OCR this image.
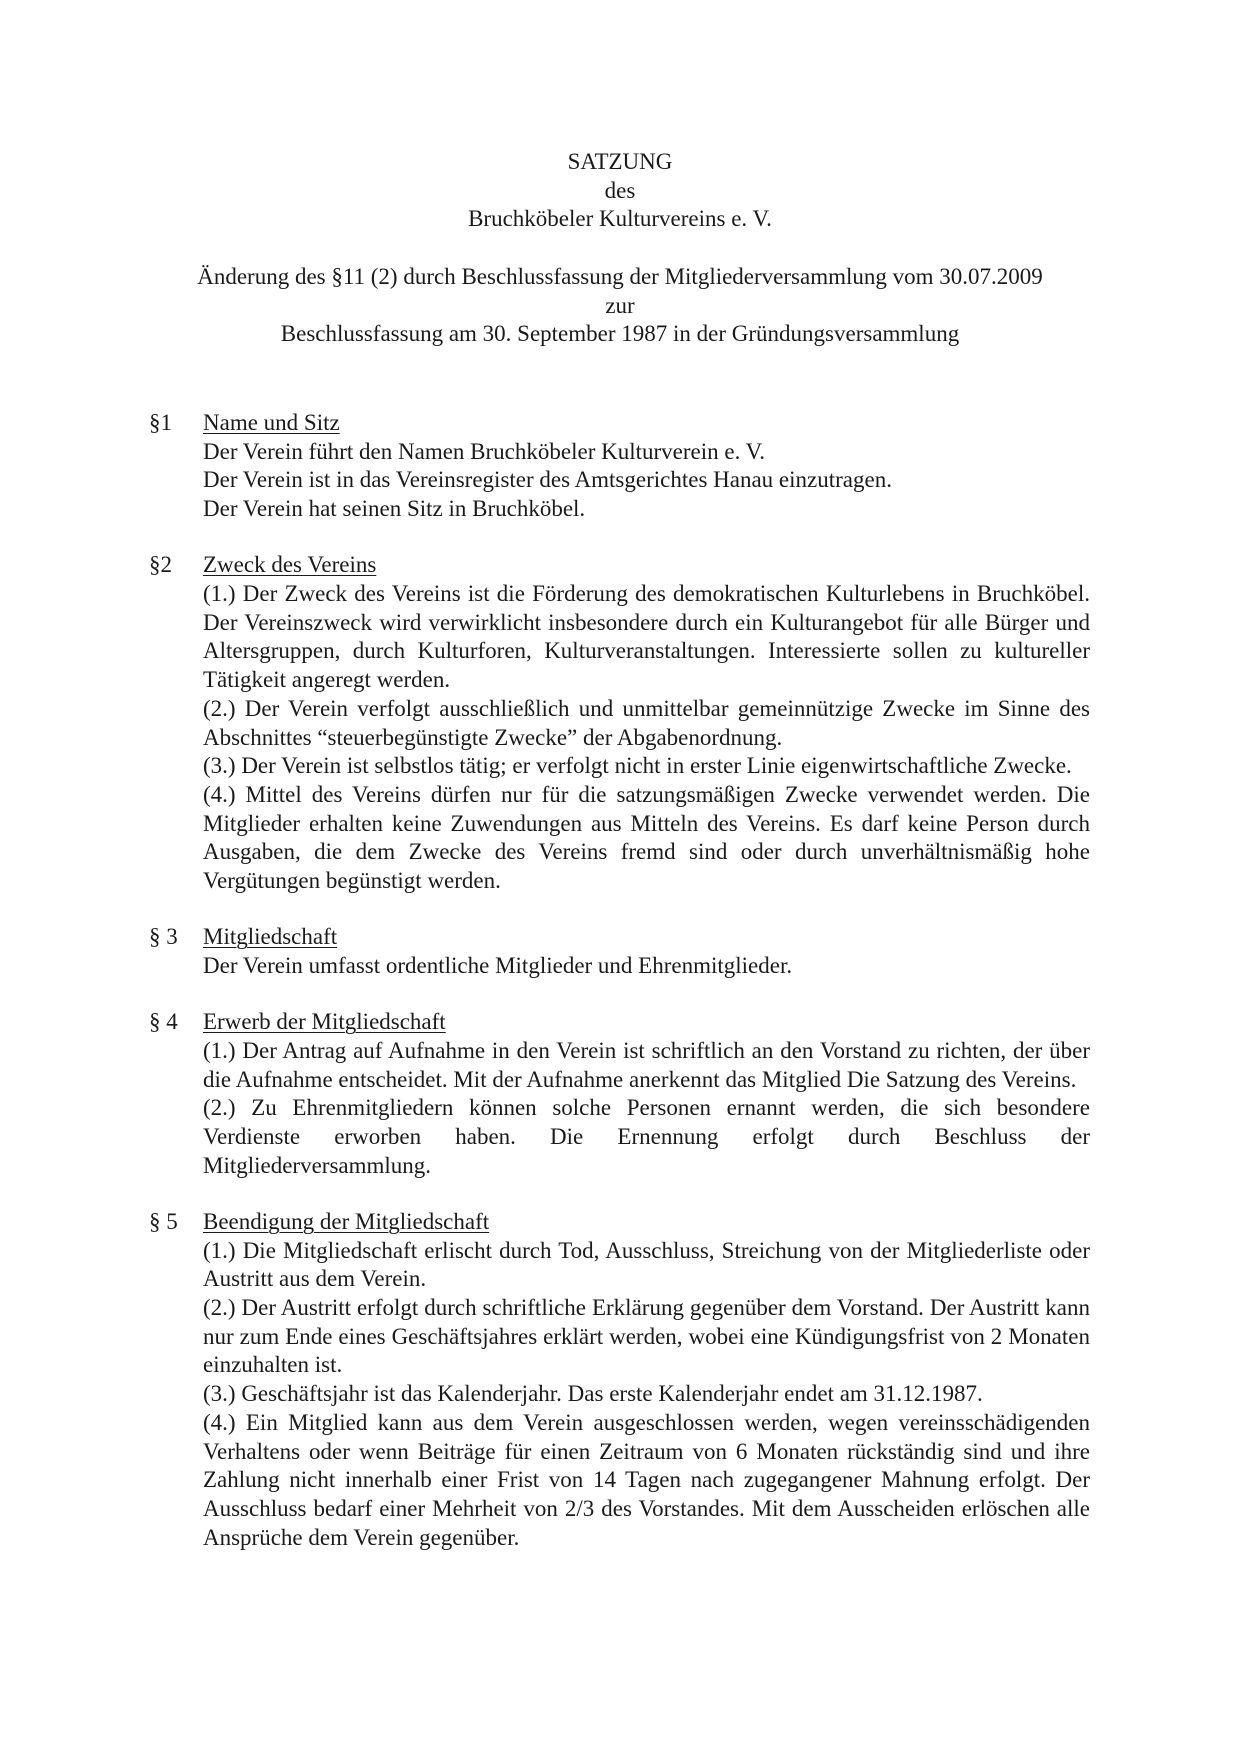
SATZUNG
des
Bruchköbeler Kulturvereins e. V.
Änderung des §11 (2) durch Beschlussfassung der Mitgliederversammlung vom 30.07.2009
zur
Beschlussfassung am 30. September 1987 in der Gründungsversammlung
§1	Name und Sitz

Der Verein führt den Namen Bruchköbeler Kulturverein e. V.

Der Verein ist in das Vereinsregister des Amtsgerichtes Hanau einzutragen.

Der Verein hat seinen Sitz in Bruchköbel.

§2	Zweck des Vereins

(1.) Der Zweck des Vereins ist die Förderung des demokratischen Kulturlebens in Bruchköbel. Der Vereinszweck wird verwirklicht insbesondere durch ein Kulturangebot für alle Bürger und Altersgruppen, durch Kulturforen, Kulturveranstaltungen. Interessierte sollen zu kultureller Tätigkeit angeregt werden.

(2.) Der Verein verfolgt ausschließlich und unmittelbar gemeinnützige Zwecke im Sinne des Abschnittes “steuerbegünstigte Zwecke” der Abgabenordnung.

(3.) Der Verein ist selbstlos tätig; er verfolgt nicht in erster Linie eigenwirtschaftliche Zwecke.

(4.) Mittel des Vereins dürfen nur für die satzungsmäßigen Zwecke verwendet werden. Die Mitglieder erhalten keine Zuwendungen aus Mitteln des Vereins. Es darf keine Person durch Ausgaben, die dem Zwecke des Vereins fremd sind oder durch unverhältnismäßig hohe Vergütungen begünstigt werden.

§ 3	Mitgliedschaft

Der Verein umfasst ordentliche Mitglieder und Ehrenmitglieder.

§ 4	Erwerb der Mitgliedschaft

(1.) Der Antrag auf Aufnahme in den Verein ist schriftlich an den Vorstand zu richten, der über die Aufnahme entscheidet. Mit der Aufnahme anerkennt das Mitglied Die Satzung des Vereins.

(2.) Zu Ehrenmitgliedern können solche Personen ernannt werden, die sich besondere Verdienste erworben haben. Die Ernennung erfolgt durch Beschluss der Mitgliederversammlung.

§ 5	Beendigung der Mitgliedschaft

(1.) Die Mitgliedschaft erlischt durch Tod, Ausschluss, Streichung von der Mitgliederliste oder Austritt aus dem Verein.

(2.) Der Austritt erfolgt durch schriftliche Erklärung gegenüber dem Vorstand. Der Austritt kann nur zum Ende eines Geschäftsjahres erklärt werden, wobei eine Kündigungsfrist von 2 Monaten einzuhalten ist.

(3.) Geschäftsjahr ist das Kalenderjahr. Das erste Kalenderjahr endet am 31.12.1987.

(4.) Ein Mitglied kann aus dem Verein ausgeschlossen werden, wegen vereinsschädigenden Verhaltens oder wenn Beiträge für einen Zeitraum von 6 Monaten rückständig sind und ihre Zahlung nicht innerhalb einer Frist von 14 Tagen nach zugegangener Mahnung erfolgt. Der Ausschluss bedarf einer Mehrheit von 2/3 des Vorstandes. Mit dem Ausscheiden erlöschen alle Ansprüche dem Verein gegenüber.
